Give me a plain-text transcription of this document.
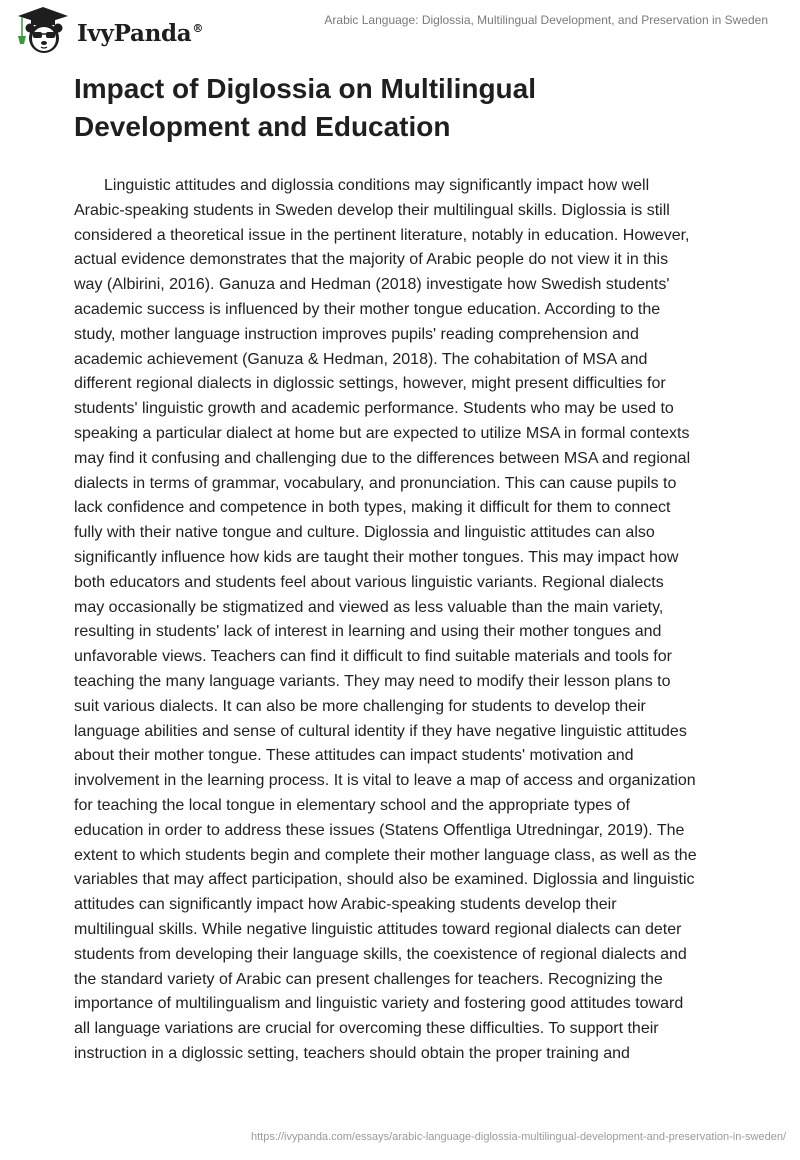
IvyPanda®
Arabic Language: Diglossia, Multilingual Development, and Preservation in Sweden
Impact of Diglossia on Multilingual
Development and Education

Linguistic attitudes and diglossia conditions may significantly impact how well
Arabic-speaking students in Sweden develop their multilingual skills. Diglossia is still
considered a theoretical issue in the pertinent literature, notably in education. However,
actual evidence demonstrates that the majority of Arabic people do not view it in this
way (Albirini, 2016). Ganuza and Hedman (2018) investigate how Swedish students'
academic success is influenced by their mother tongue education. According to the
study, mother language instruction improves pupils' reading comprehension and
academic achievement (Ganuza & Hedman, 2018). The cohabitation of MSA and
different regional dialects in diglossic settings, however, might present difficulties for
students' linguistic growth and academic performance. Students who may be used to
speaking a particular dialect at home but are expected to utilize MSA in formal contexts
may find it confusing and challenging due to the differences between MSA and regional
dialects in terms of grammar, vocabulary, and pronunciation. This can cause pupils to
lack confidence and competence in both types, making it difficult for them to connect
fully with their native tongue and culture. Diglossia and linguistic attitudes can also
significantly influence how kids are taught their mother tongues. This may impact how
both educators and students feel about various linguistic variants. Regional dialects
may occasionally be stigmatized and viewed as less valuable than the main variety,
resulting in students' lack of interest in learning and using their mother tongues and
unfavorable views. Teachers can find it difficult to find suitable materials and tools for
teaching the many language variants. They may need to modify their lesson plans to
suit various dialects. It can also be more challenging for students to develop their
language abilities and sense of cultural identity if they have negative linguistic attitudes
about their mother tongue. These attitudes can impact students' motivation and
involvement in the learning process. It is vital to leave a map of access and organization
for teaching the local tongue in elementary school and the appropriate types of
education in order to address these issues (Statens Offentliga Utredningar, 2019). The
extent to which students begin and complete their mother language class, as well as the
variables that may affect participation, should also be examined. Diglossia and linguistic
attitudes can significantly impact how Arabic-speaking students develop their
multilingual skills. While negative linguistic attitudes toward regional dialects can deter
students from developing their language skills, the coexistence of regional dialects and
the standard variety of Arabic can present challenges for teachers. Recognizing the
importance of multilingualism and linguistic variety and fostering good attitudes toward
all language variations are crucial for overcoming these difficulties. To support their
instruction in a diglossic setting, teachers should obtain the proper training and

https://ivypanda.com/essays/arabic-language-diglossia-multilingual-development-and-preservation-in-sweden/
